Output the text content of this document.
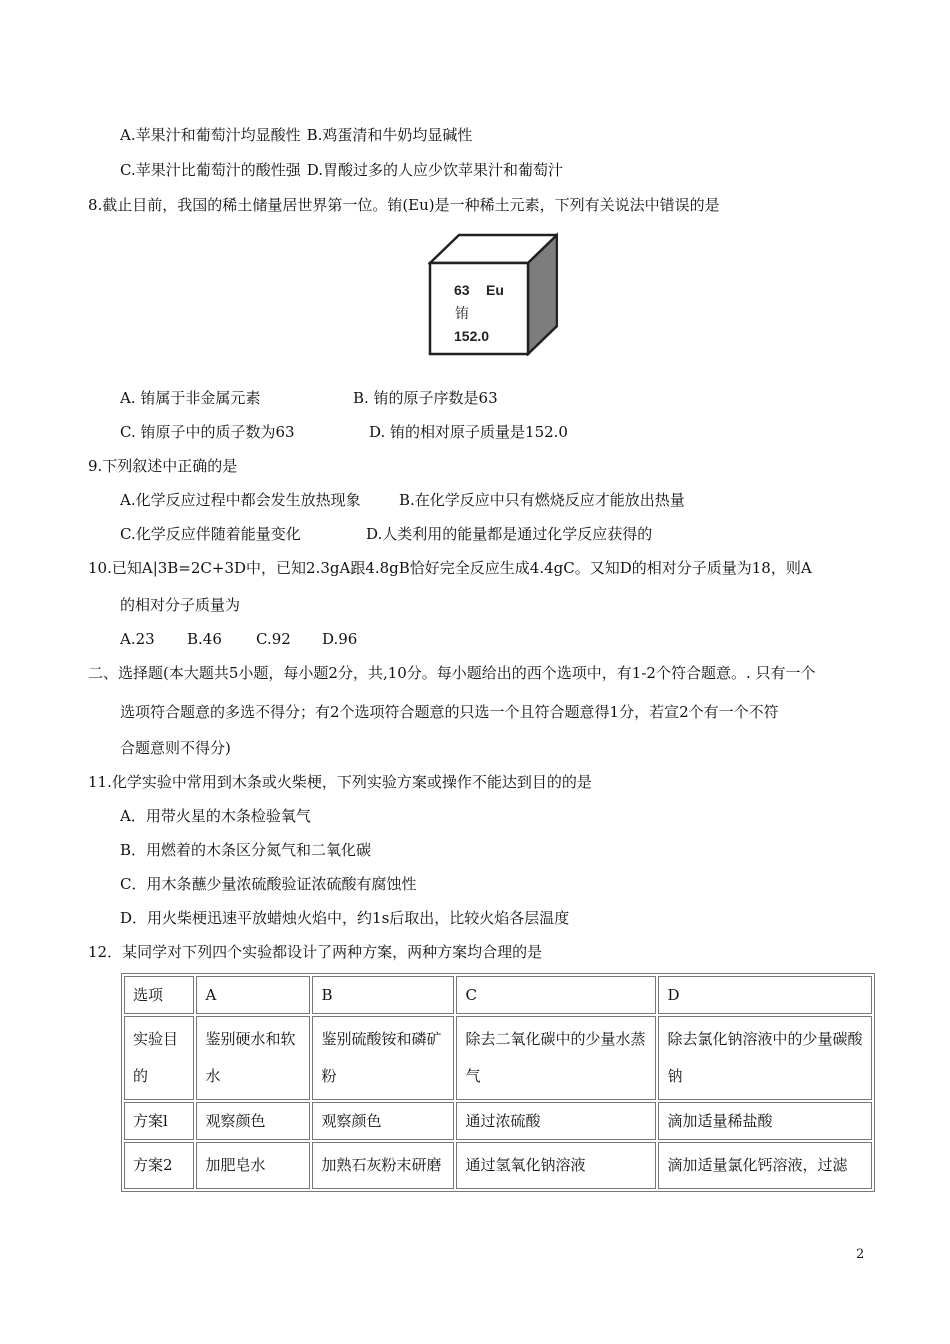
A.苹果汁和葡萄汁均显酸性 B.鸡蛋清和牛奶均显碱性
C.苹果汁比葡萄汁的酸性强 D.胃酸过多的人应少饮苹果汁和葡萄汁
8.截止目前，我国的稀土储量居世界第一位。铕(Eu)是一种稀土元素，下列有关说法中错误的是
63 Eu
铕
152.0
A. 铕属于非金属元素	B. 铕的原子序数是63
C. 铕原子中的质子数为63	D. 铕的相对原子质量是152.0
9.下列叙述中正确的是
A.化学反应过程中都会发生放热现象	B.在化学反应中只有燃烧反应才能放出热量
C.化学反应伴随着能量变化	D.人类利用的能量都是通过化学反应获得的
10.已知A|3B=2C+3D中，已知2.3gA跟4.8gB恰好完全反应生成4.4gC。又知D的相对分子质量为18，则A
的相对分子质量为
A.23 B.46 C.92 D.96
二、选择题(本大题共5小题，每小题2分，共,10分。每小题给出的西个选项中，有1-2个符合题意。. 只有一个
选项符合题意的多选不得分；有2个选项符合题意的只选一个且符合题意得1分，若宣2个有一个不符
合题意则不得分)
11.化学实验中常用到木条或火柴梗，下列实验方案或操作不能达到目的的是
A．用带火星的木条检验氧气
B．用燃着的木条区分氮气和二氧化碳
C．用木条蘸少量浓硫酸验证浓硫酸有腐蚀性
D．用火柴梗迅速平放蜡烛火焰中，约1s后取出，比较火焰各层温度
12．某同学对下列四个实验都设计了两种方案，两种方案均合理的是
选项	A	B	C	D
实验目的	鉴别硬水和软水	鉴别硫酸铵和磷矿粉	除去二氧化碳中的少量水蒸气	除去氯化钠溶液中的少量碳酸钠
方案l	观察颜色	观察颜色	通过浓硫酸	滴加适量稀盐酸
方案2	加肥皂水	加熟石灰粉末研磨	通过氢氧化钠溶液	滴加适量氯化钙溶液，过滤
2
